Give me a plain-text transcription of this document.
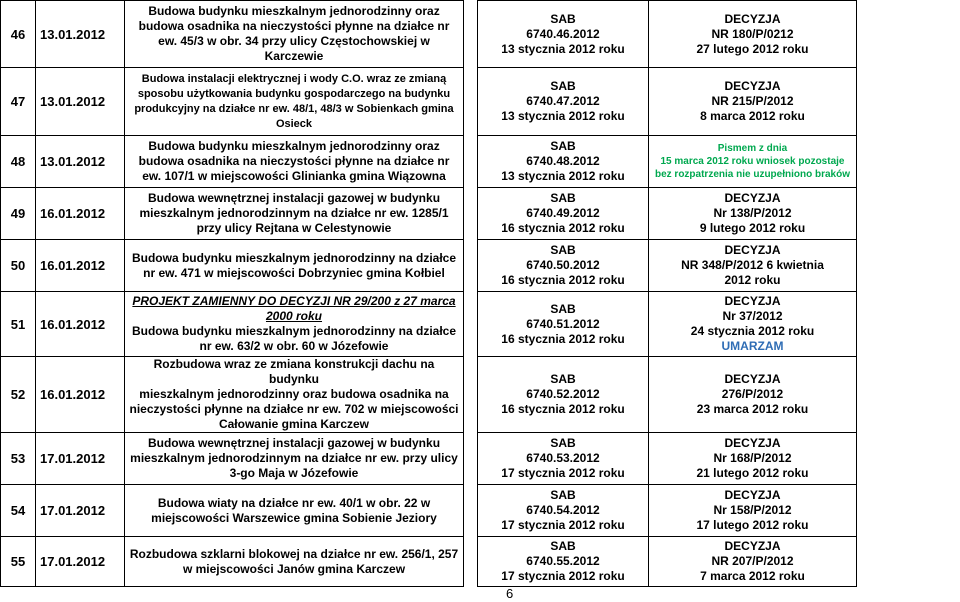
46	13.01.2012	Budowa budynku mieszkalnym jednorodzinny oraz
budowa osadnika na nieczystości płynne na działce nr
ew. 45/3 w obr. 34 przy ulicy Częstochowskiej w Karczewie		SAB
6740.46.2012
13 stycznia 2012 roku	DECYZJA
NR 180/P/0212
27 lutego 2012 roku

47	13.01.2012	Budowa instalacji elektrycznej i wody C.O. wraz ze zmianą
sposobu użytkowania budynku gospodarczego na budynku
produkcyjny na działce nr ew. 48/1, 48/3 w Sobienkach gmina
Osieck		SAB
6740.47.2012
13 stycznia 2012 roku	DECYZJA
NR 215/P/2012
8 marca 2012 roku

48	13.01.2012	Budowa budynku mieszkalnym jednorodzinny oraz
budowa osadnika na nieczystości płynne na działce nr
ew. 107/1 w miejscowości Glinianka gmina Wiązowna		SAB
6740.48.2012
13 stycznia 2012 roku	Pismem z dnia
15 marca 2012 roku wniosek pozostaje
bez rozpatrzenia nie uzupełniono braków

49	16.01.2012	Budowa wewnętrznej instalacji gazowej w budynku
mieszkalnym jednorodzinnym na działce nr ew. 1285/1
przy ulicy Rejtana w Celestynowie		SAB
6740.49.2012
16 stycznia 2012 roku	DECYZJA
Nr 138/P/2012
9 lutego 2012 roku

50	16.01.2012	Budowa budynku mieszkalnym jednorodzinny na działce
nr ew. 471 w miejscowości Dobrzyniec gmina Kołbiel		SAB
6740.50.2012
16 stycznia 2012 roku	DECYZJA
NR 348/P/2012 6 kwietnia
2012 roku

51	16.01.2012	PROJEKT ZAMIENNY DO DECYZJI NR 29/200 z 27 marca
2000 roku
Budowa budynku mieszkalnym jednorodzinny na działce
nr ew. 63/2 w obr. 60 w Józefowie		SAB
6740.51.2012
16 stycznia 2012 roku	DECYZJA
Nr 37/2012
24 stycznia 2012 roku
UMARZAM

52	16.01.2012	Rozbudowa wraz ze zmiana konstrukcji dachu na budynku
mieszkalnym jednorodzinny oraz budowa osadnika na
nieczystości płynne na działce nr ew. 702 w miejscowości
Całowanie gmina Karczew		SAB
6740.52.2012
16 stycznia 2012 roku	DECYZJA
276/P/2012
23 marca 2012 roku

53	17.01.2012	Budowa wewnętrznej instalacji gazowej w budynku
mieszkalnym jednorodzinnym na działce nr ew. przy ulicy
3-go Maja w Józefowie		SAB
6740.53.2012
17 stycznia 2012 roku	DECYZJA
Nr 168/P/2012
21 lutego 2012 roku

54	17.01.2012	Budowa wiaty na działce nr ew. 40/1 w obr. 22 w
miejscowości Warszewice gmina Sobienie Jeziory		SAB
6740.54.2012
17 stycznia 2012 roku	DECYZJA
Nr 158/P/2012
17 lutego 2012 roku

55	17.01.2012	Rozbudowa szklarni blokowej na działce nr ew. 256/1, 257
w miejscowości Janów gmina Karczew		SAB
6740.55.2012
17 stycznia 2012 roku	DECYZJA
NR 207/P/2012
7 marca 2012 roku
6
